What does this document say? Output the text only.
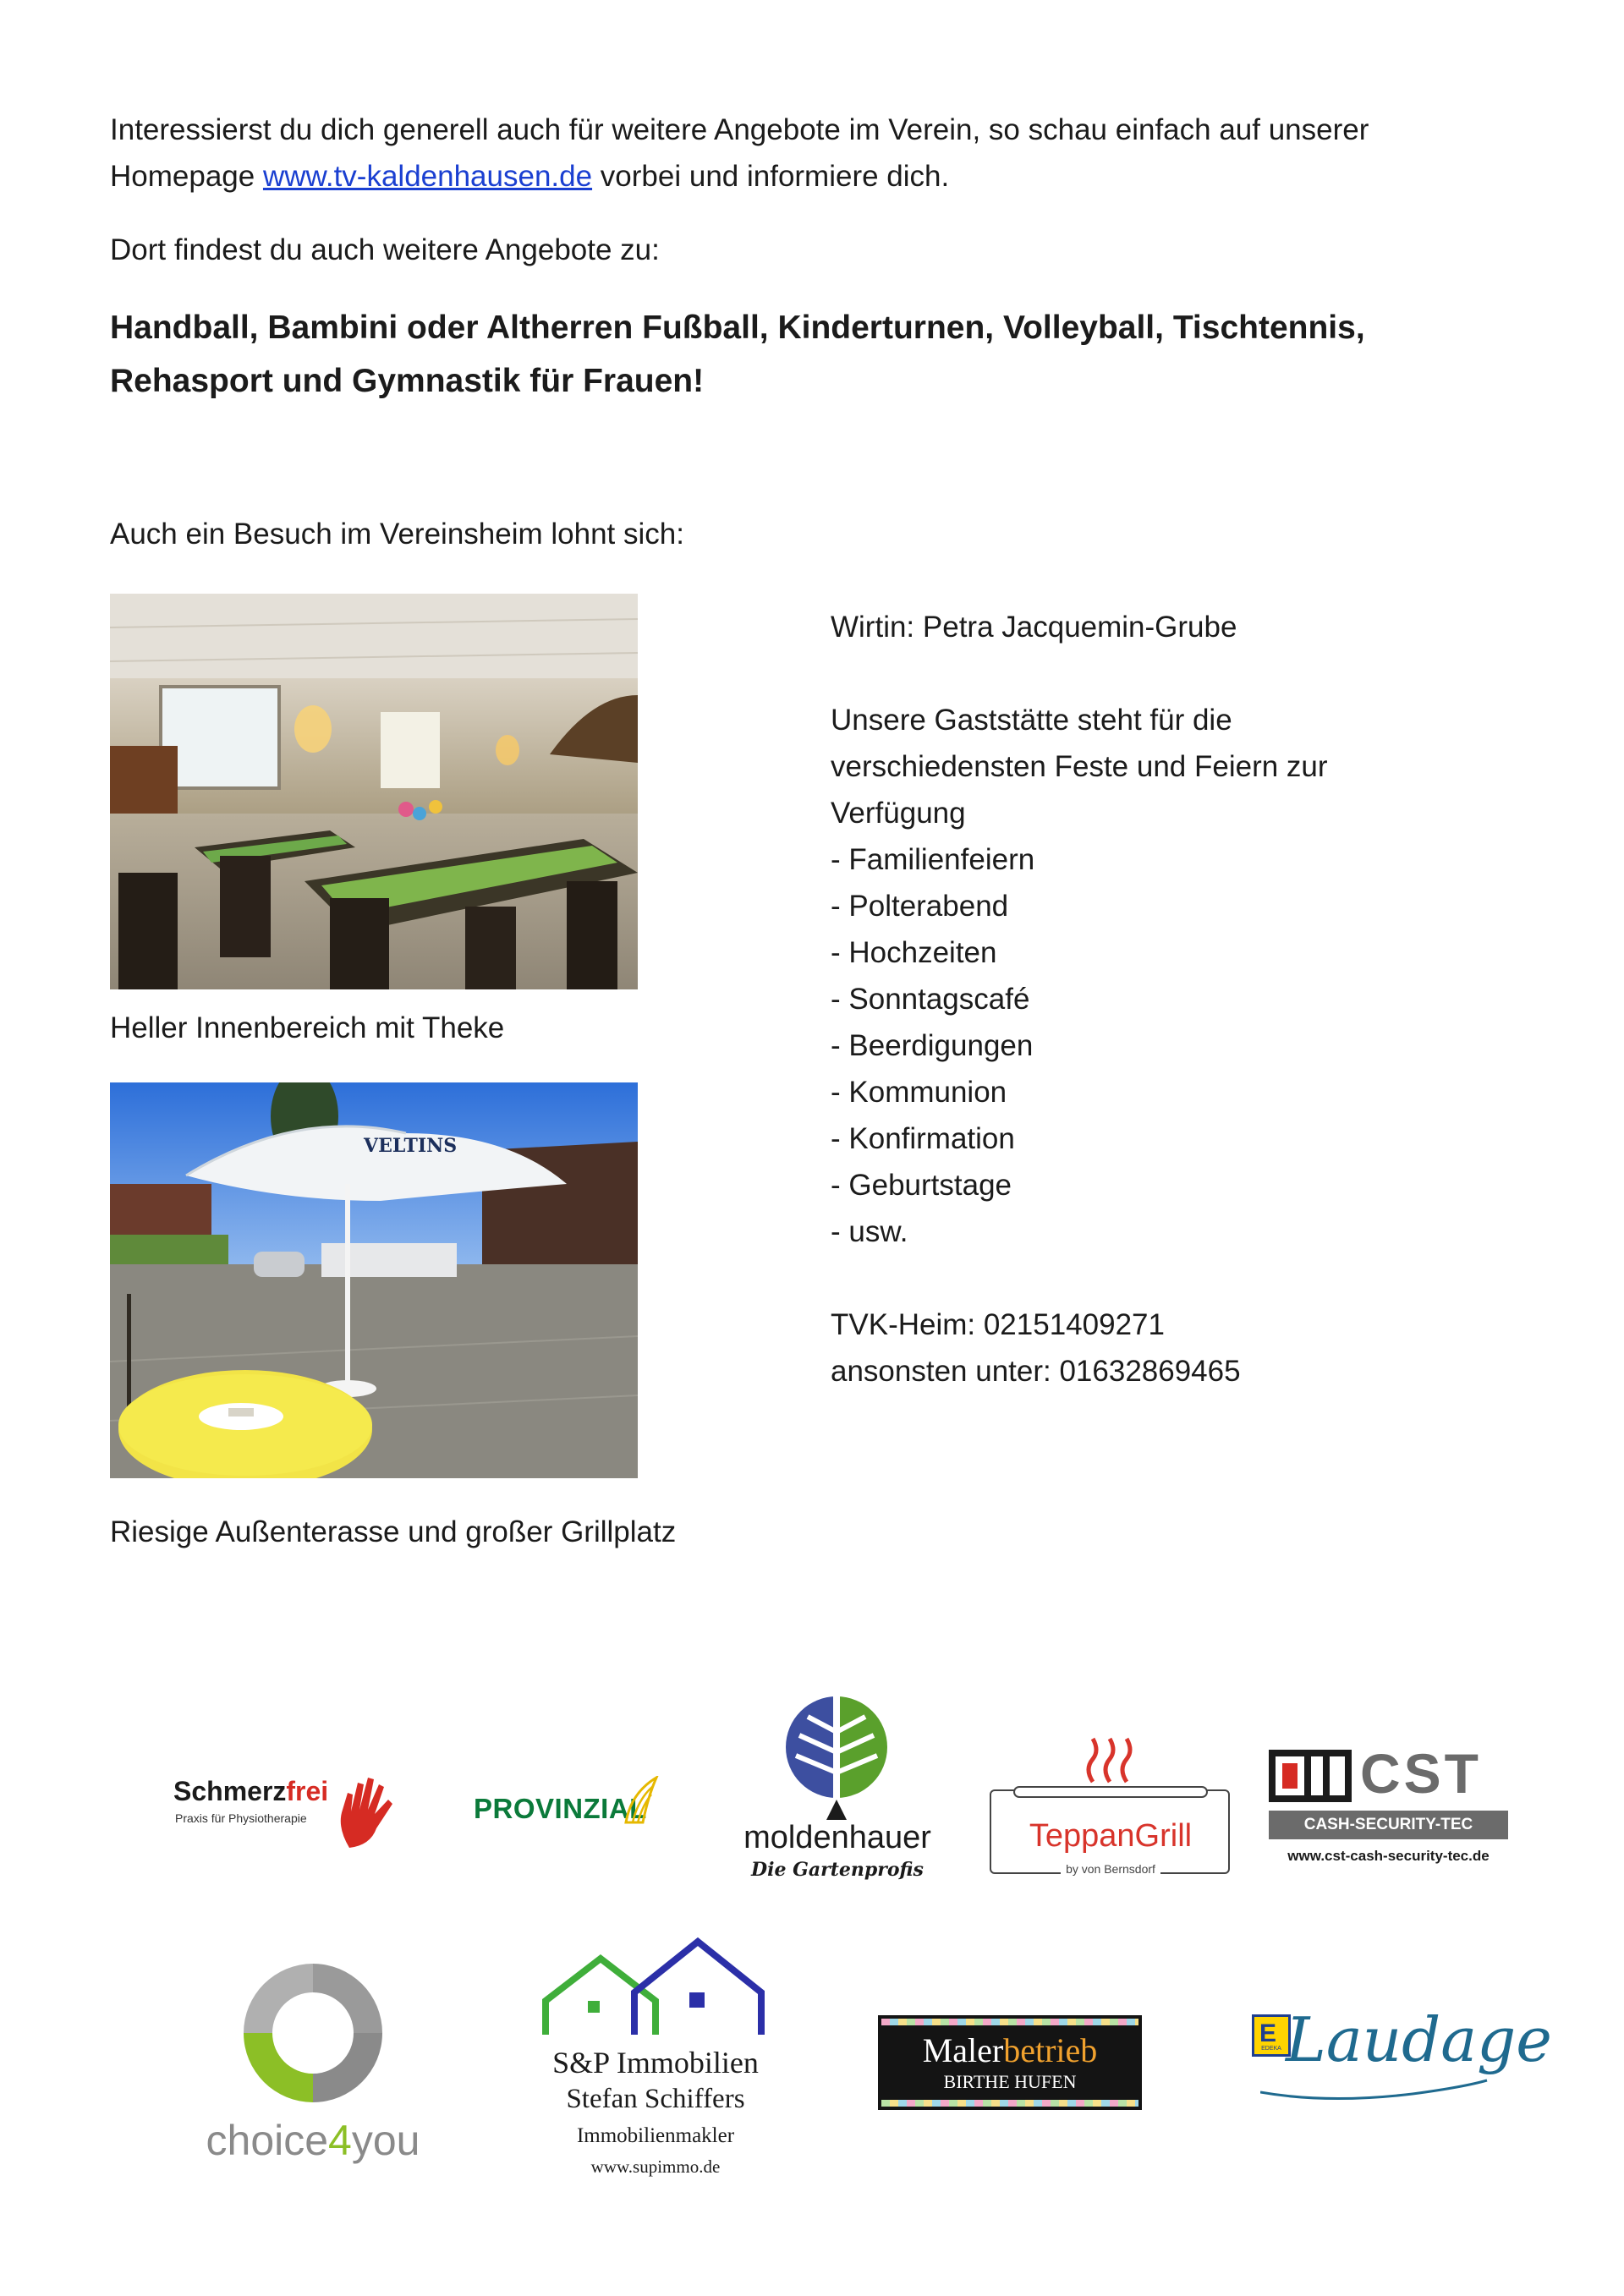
Interessierst du dich generell auch für weitere Angebote im Verein, so schau einfach auf unserer
Homepage www.tv-kaldenhausen.de vorbei und informiere dich.
Dort findest du auch weitere Angebote zu:
Handball, Bambini oder Altherren Fußball, Kinderturnen, Volleyball, Tischtennis,
Rehasport und Gymnastik für Frauen!
Auch ein Besuch im Vereinsheim lohnt sich:
Heller Innenbereich mit Theke
VELTINS
Riesige Außenterasse und großer Grillplatz
Wirtin: Petra Jacquemin-Grube
Unsere Gaststätte steht für die
verschiedensten Feste und Feiern zur
Verfügung
- Familienfeiern
- Polterabend
- Hochzeiten
- Sonntagscafé
- Beerdigungen
- Kommunion
- Konfirmation
- Geburtstage
- usw.
TVK-Heim: 02151409271
ansonsten unter: 01632869465
Schmerzfrei
Praxis für Physiotherapie	PROVINZIAL
moldenhauer
Die Gartenprofis
TeppanGrill
by von Bernsdorf
CST
CASH-SECURITY-TEC
www.cst-cash-security-tec.de
choice4you
S&P Immobilien
Stefan Schiffers
Immobilienmakler
www.supimmo.de
Malerbetrieb
BIRTHE HUFEN
E
EDEKA Laudage
